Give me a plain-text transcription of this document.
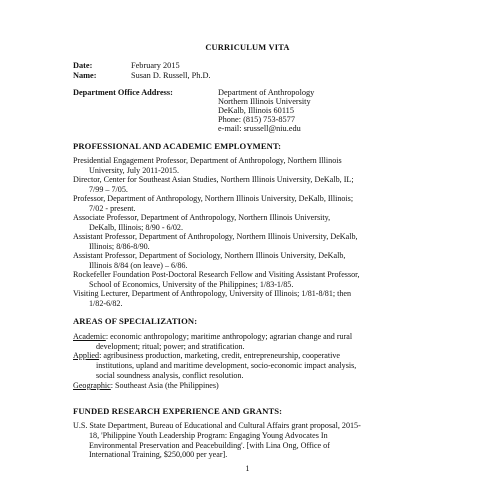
CURRICULUM VITA
Date:	February 2015
Name:	Susan D. Russell, Ph.D.
Department Office Address:	Department of Anthropology
Northern Illinois University
DeKalb, Illinois 60115
Phone: (815) 753-8577
e-mail: srussell@niu.edu
PROFESSIONAL AND ACADEMIC EMPLOYMENT:
Presidential Engagement Professor, Department of Anthropology, Northern Illinois
University, July 2011-2015.
Director, Center for Southeast Asian Studies, Northern Illinois University, DeKalb, IL;
7/99 – 7/05.
Professor, Department of Anthropology, Northern Illinois University, DeKalb, Illinois;
7/02 - present.
Associate Professor, Department of Anthropology, Northern Illinois University,
DeKalb, Illinois; 8/90 - 6/02.
Assistant Professor, Department of Anthropology, Northern Illinois University, DeKalb,
Illinois; 8/86-8/90.
Assistant Professor, Department of Sociology, Northern Illinois University, DeKalb,
Illinois 8/84 (on leave) – 6/86.
Rockefeller Foundation Post-Doctoral Research Fellow and Visiting Assistant Professor,
School of Economics, University of the Philippines; 1/83-1/85.
Visiting Lecturer, Department of Anthropology, University of Illinois; 1/81-8/81; then
1/82-6/82.
AREAS OF SPECIALIZATION:
Academic: economic anthropology; maritime anthropology; agrarian change and rural
development; ritual; power; and stratification.
Applied: agribusiness production, marketing, credit, entrepreneurship, cooperative
institutions, upland and maritime development, socio-economic impact analysis,
social soundness analysis, conflict resolution.
Geographic: Southeast Asia (the Philippines)
FUNDED RESEARCH EXPERIENCE AND GRANTS:
U.S. State Department, Bureau of Educational and Cultural Affairs grant proposal, 2015-
18, 'Philippine Youth Leadership Program: Engaging Young Advocates In
Environmental Preservation and Peacebuilding'. [with Lina Ong, Office of
International Training, $250,000 per year].
1
